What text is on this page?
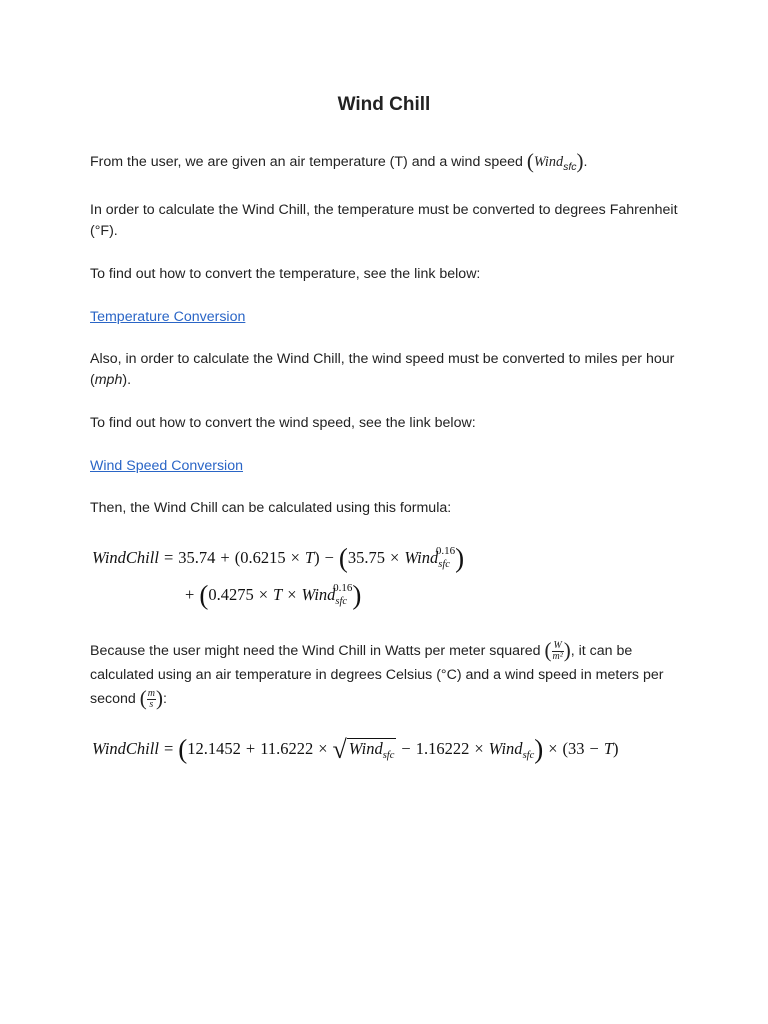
Wind Chill

From the user, we are given an air temperature (T) and a wind speed (Wind$_{sfc}$).

In order to calculate the Wind Chill, the temperature must be converted to degrees Fahrenheit (°F).

To find out how to convert the temperature, see the link below:

Temperature Conversion

Also, in order to calculate the Wind Chill, the wind speed must be converted to miles per hour (mph).

To find out how to convert the wind speed, see the link below:

Wind Speed Conversion

Then, the Wind Chill can be calculated using this formula:

WindChill = 35.74 + (0.6215 × T) − (35.75 × Wind$_{sfc}^{0.16}$)
+ (0.4275 × T × Wind$_{sfc}^{0.16}$)

Because the user might need the Wind Chill in Watts per meter squared ( $\frac{W}{\text{m²}}$ ), it can be calculated using an air temperature in degrees Celsius (°C) and a wind speed in meters per second ( $\frac{m}{s}$ ):

WindChill = (12.1452 + 11.6222 × √ Wind$_{sfc}$ − 1.16222 × Wind$_{sfc}$) × (33 − T)
